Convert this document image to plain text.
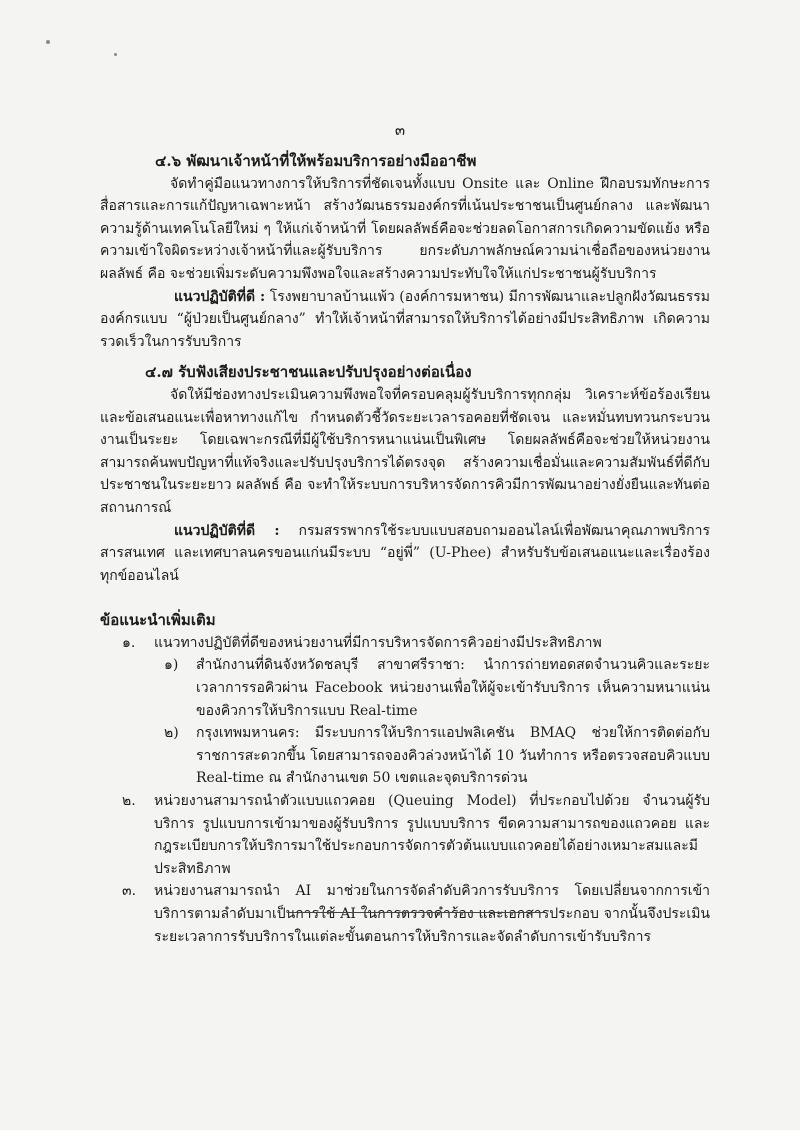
๓

๔.๖ พัฒนาเจ้าหน้าที่ให้พร้อมบริการอย่างมืออาชีพ

จัดทำคู่มือแนวทางการให้บริการที่ชัดเจนทั้งแบบ Onsite และ Online ฝึกอบรมทักษะการสื่อสารและการแก้ปัญหาเฉพาะหน้า สร้างวัฒนธรรมองค์กรที่เน้นประชาชนเป็นศูนย์กลาง และพัฒนาความรู้ด้านเทคโนโลยีใหม่ ๆ ให้แก่เจ้าหน้าที่ โดยผลลัพธ์คือจะช่วยลดโอกาสการเกิดความขัดแย้ง หรือความเข้าใจผิดระหว่างเจ้าหน้าที่และผู้รับบริการ ยกระดับภาพลักษณ์ความน่าเชื่อถือของหน่วยงาน ผลลัพธ์ คือ จะช่วยเพิ่มระดับความพึงพอใจและสร้างความประทับใจให้แก่ประชาชนผู้รับบริการ

แนวปฏิบัติที่ดี : โรงพยาบาลบ้านแพ้ว (องค์การมหาชน) มีการพัฒนาและปลูกฝังวัฒนธรรมองค์กรแบบ “ผู้ป่วยเป็นศูนย์กลาง” ทำให้เจ้าหน้าที่สามารถให้บริการได้อย่างมีประสิทธิภาพ เกิดความรวดเร็วในการรับบริการ

๔.๗ รับฟังเสียงประชาชนและปรับปรุงอย่างต่อเนื่อง

จัดให้มีช่องทางประเมินความพึงพอใจที่ครอบคลุมผู้รับบริการทุกกลุ่ม วิเคราะห์ข้อร้องเรียนและข้อเสนอแนะเพื่อหาทางแก้ไข กำหนดตัวชี้วัดระยะเวลารอคอยที่ชัดเจน และหมั่นทบทวนกระบวนงานเป็นระยะ โดยเฉพาะกรณีที่มีผู้ใช้บริการหนาแน่นเป็นพิเศษ โดยผลลัพธ์คือจะช่วยให้หน่วยงานสามารถค้นพบปัญหาที่แท้จริงและปรับปรุงบริการได้ตรงจุด สร้างความเชื่อมั่นและความสัมพันธ์ที่ดีกับประชาชนในระยะยาว ผลลัพธ์ คือ จะทำให้ระบบการบริหารจัดการคิวมีการพัฒนาอย่างยั่งยืนและทันต่อสถานการณ์

แนวปฏิบัติที่ดี : กรมสรรพากรใช้ระบบแบบสอบถามออนไลน์เพื่อพัฒนาคุณภาพบริการสารสนเทศ และเทศบาลนครขอนแก่นมีระบบ “อยู่พี่” (U-Phee) สำหรับรับข้อเสนอแนะและเรื่องร้องทุกข์ออนไลน์

ข้อแนะนำเพิ่มเติม

๑.	แนวทางปฏิบัติที่ดีของหน่วยงานที่มีการบริหารจัดการคิวอย่างมีประสิทธิภาพ
๑)	สำนักงานที่ดินจังหวัดชลบุรี สาขาศรีราชา: นำการถ่ายทอดสดจำนวนคิวและระยะเวลาการรอคิวผ่าน Facebook หน่วยงานเพื่อให้ผู้จะเข้ารับบริการ เห็นความหนาแน่นของคิวการให้บริการแบบ Real-time
๒)	กรุงเทพมหานคร: มีระบบการให้บริการแอปพลิเคชัน BMAQ ช่วยให้การติดต่อกับราชการสะดวกขึ้น โดยสามารถจองคิวล่วงหน้าได้ 10 วันทำการ หรือตรวจสอบคิวแบบ Real-time ณ สำนักงานเขต 50 เขตและจุดบริการด่วน
๒.	หน่วยงานสามารถนำตัวแบบแถวคอย (Queuing Model) ที่ประกอบไปด้วย จำนวนผู้รับบริการ รูปแบบการเข้ามาของผู้รับบริการ รูปแบบบริการ ขีดความสามารถของแถวคอย และกฎระเบียบการให้บริการมาใช้ประกอบการจัดการตัวต้นแบบแถวคอยได้อย่างเหมาะสมและมีประสิทธิภาพ
๓.	หน่วยงานสามารถนำ AI มาช่วยในการจัดลำดับคิวการรับบริการ โดยเปลี่ยนจากการเข้าบริการตามลำดับมาเป็นการใช้ AI ในการตรวจคำร้อง และเอกสารประกอบ จากนั้นจึงประเมินระยะเวลาการรับบริการในแต่ละขั้นตอนการให้บริการและจัดลำดับการเข้ารับบริการ
